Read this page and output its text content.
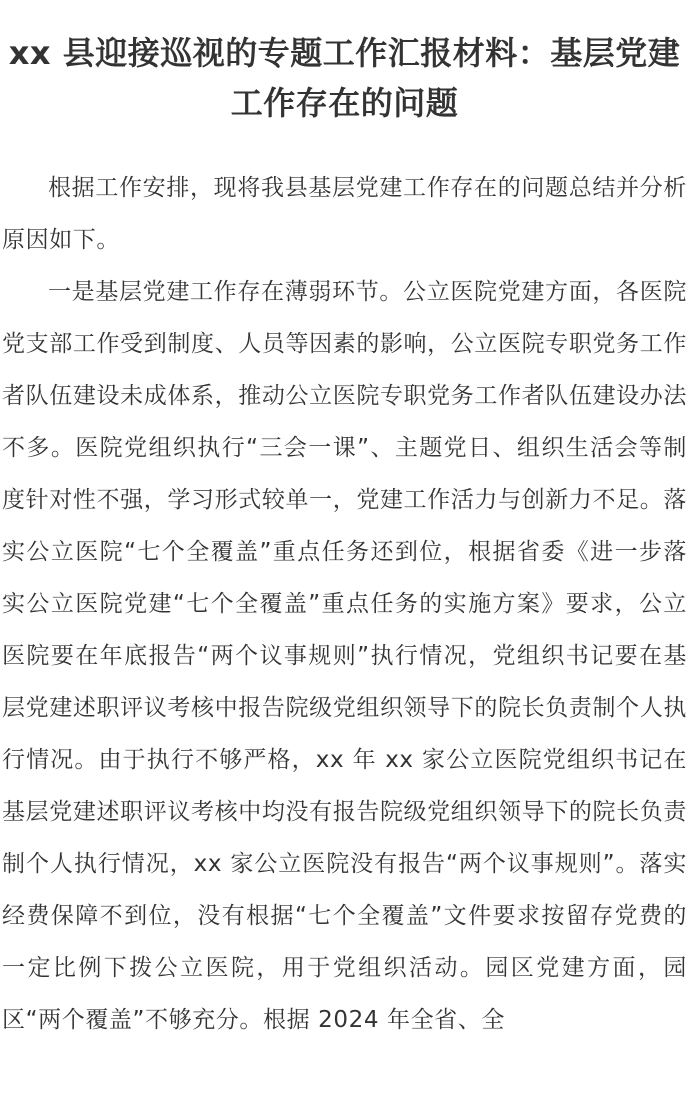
xx 县迎接巡视的专题工作汇报材料：基层党建工作存在的问题

根据工作安排，现将我县基层党建工作存在的问题总结并分析原因如下。

一是基层党建工作存在薄弱环节。公立医院党建方面，各医院党支部工作受到制度、人员等因素的影响，公立医院专职党务工作者队伍建设未成体系，推动公立医院专职党务工作者队伍建设办法不多。医院党组织执行“三会一课”、主题党日、组织生活会等制度针对性不强，学习形式较单一，党建工作活力与创新力不足。落实公立医院“七个全覆盖”重点任务还到位，根据省委《进一步落实公立医院党建“七个全覆盖”重点任务的实施方案》要求，公立医院要在年底报告“两个议事规则”执行情况，党组织书记要在基层党建述职评议考核中报告院级党组织领导下的院长负责制个人执行情况。由于执行不够严格，xx 年 xx 家公立医院党组织书记在基层党建述职评议考核中均没有报告院级党组织领导下的院长负责制个人执行情况，xx 家公立医院没有报告“两个议事规则”。落实经费保障不到位，没有根据“七个全覆盖”文件要求按留存党费的一定比例下拨公立医院，用于党组织活动。园区党建方面，园区“两个覆盖”不够充分。根据 2024 年全省、全
